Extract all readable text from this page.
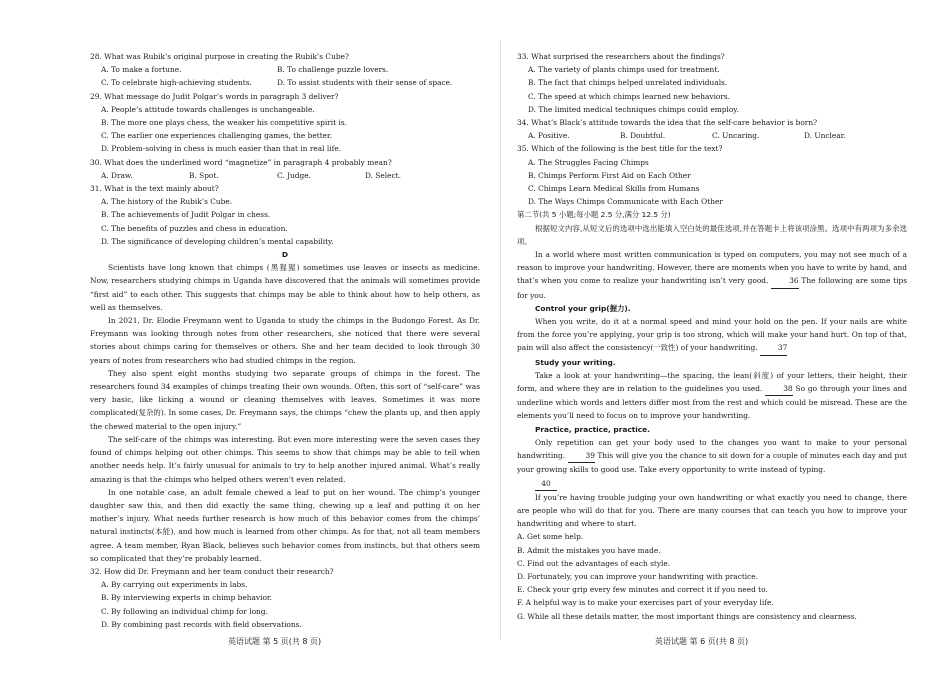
28. What was Rubik’s original purpose in creating the Rubik’s Cube?
A. To make a fortune.	B. To challenge puzzle lovers.
C. To celebrate high-achieving students.	D. To assist students with their sense of space.
29. What message do Judit Polgar’s words in paragraph 3 deliver?
A. People’s attitude towards challenges is unchangeable.
B. The more one plays chess, the weaker his competitive spirit is.
C. The earlier one experiences challenging games, the better.
D. Problem-solving in chess is much easier than that in real life.
30. What does the underlined word “magnetize” in paragraph 4 probably mean?
A. Draw.	B. Spot.	C. Judge.	D. Select.
31. What is the text mainly about?
A. The history of the Rubik’s Cube.
B. The achievements of Judit Polgar in chess.
C. The benefits of puzzles and chess in education.
D. The significance of developing children’s mental capability.
D
Scientists have long known that chimps (黑猩猩) sometimes use leaves or insects as medicine. Now, researchers studying chimps in Uganda have discovered that the animals will sometimes provide “first aid” to each other. This suggests that chimps may be able to think about how to help others, as well as themselves.
In 2021, Dr. Elodie Freymann went to Uganda to study the chimps in the Budongo Forest. As Dr. Freymann was looking through notes from other researchers, she noticed that there were several stories about chimps caring for themselves or others. She and her team decided to look through 30 years of notes from researchers who had studied chimps in the region.
They also spent eight months studying two separate groups of chimps in the forest. The researchers found 34 examples of chimps treating their own wounds. Often, this sort of “self-care” was very basic, like licking a wound or cleaning themselves with leaves. Sometimes it was more complicated(复杂的). In some cases, Dr. Freymann says, the chimps “chew the plants up, and then apply the chewed material to the open injury.”
The self-care of the chimps was interesting. But even more interesting were the seven cases they found of chimps helping out other chimps. This seems to show that chimps may be able to tell when another needs help. It’s fairly unusual for animals to try to help another injured animal. What’s really amazing is that the chimps who helped others weren’t even related.
In one notable case, an adult female chewed a leaf to put on her wound. The chimp’s younger daughter saw this, and then did exactly the same thing, chewing up a leaf and putting it on her mother’s injury. What needs further research is how much of this behavior comes from the chimps’ natural instincts(本能), and how much is learned from other chimps. As for that, not all team members agree. A team member, Ryan Black, believes such behavior comes from instincts, but that others seem so complicated that they’re probably learned.
32. How did Dr. Freymann and her team conduct their research?
A. By carrying out experiments in labs.
B. By interviewing experts in chimp behavior.
C. By following an individual chimp for long.
D. By combining past records with field observations.
英语试题 第 5 页(共 8 页)
33. What surprised the researchers about the findings?
A. The variety of plants chimps used for treatment.
B. The fact that chimps helped unrelated individuals.
C. The speed at which chimps learned new behaviors.
D. The limited medical techniques chimps could employ.
34. What’s Black’s attitude towards the idea that the self-care behavior is born?
A. Positive.	B. Doubtful.	C. Uncaring.	D. Unclear.
35. Which of the following is the best title for the text?
A. The Struggles Facing Chimps
B. Chimps Perform First Aid on Each Other
C. Chimps Learn Medical Skills from Humans
D. The Ways Chimps Communicate with Each Other
第二节(共 5 小题;每小题 2.5 分,满分 12.5 分)
根据短文内容,从短文后的选项中选出能填入空白处的最佳选项,并在答题卡上将该项涂黑。选项中有两项为多余选项。
In a world where most written communication is typed on computers, you may not see much of a reason to improve your handwriting. However, there are moments when you have to write by hand, and that’s when you come to realize your handwriting isn’t very good.	36 The following are some tips for you.
Control your grip(握力).
When you write, do it at a normal speed and mind your hold on the pen. If your nails are white from the force you’re applying, your grip is too strong, which will make your hand hurt. On top of that, pain will also affect the consistency(一致性) of your handwriting.	37
Study your writing.
Take a look at your handwriting—the spacing, the lean(斜度) of your letters, their height, their form, and where they are in relation to the guidelines you used.	38 So go through your lines and underline which words and letters differ most from the rest and which could be misread. These are the elements you’ll need to focus on to improve your handwriting.
Practice, practice, practice.
Only repetition can get your body used to the changes you want to make to your personal handwriting.	39 This will give you the chance to sit down for a couple of minutes each day and put your growing skills to good use. Take every opportunity to write instead of typing.
40
If you’re having trouble judging your own handwriting or what exactly you need to change, there are people who will do that for you. There are many courses that can teach you how to improve your handwriting and where to start.
A. Get some help.
B. Admit the mistakes you have made.
C. Find out the advantages of each style.
D. Fortunately, you can improve your handwriting with practice.
E. Check your grip every few minutes and correct it if you need to.
F. A helpful way is to make your exercises part of your everyday life.
G. While all these details matter, the most important things are consistency and clearness.
英语试题 第 6 页(共 8 页)
